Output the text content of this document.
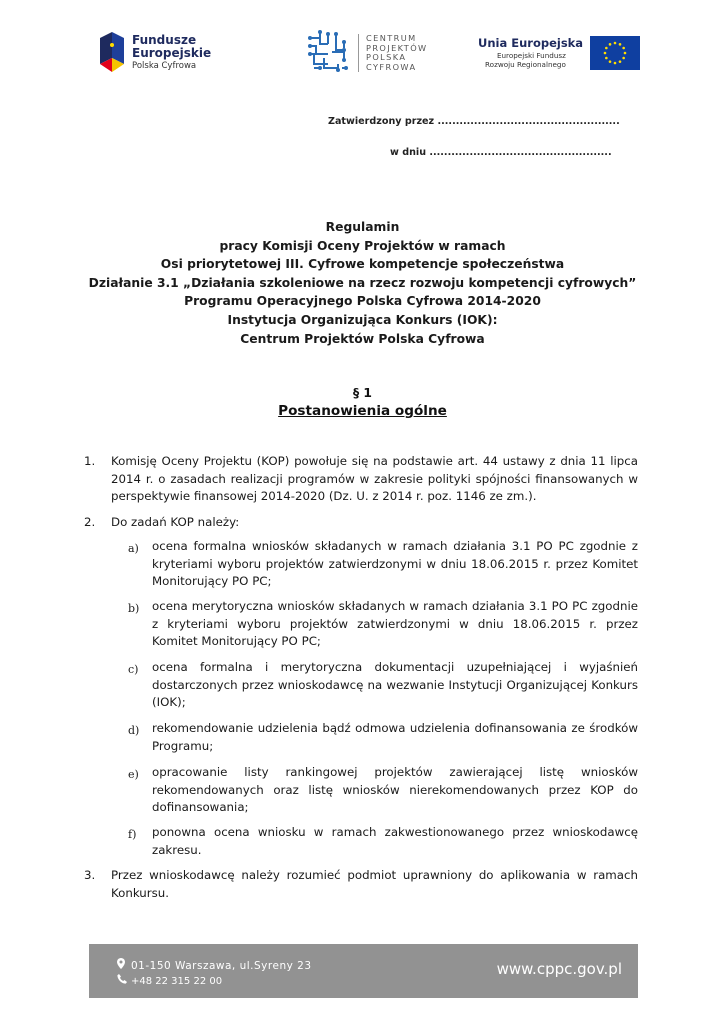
Fundusze
Europejskie
Polska Cyfrowa
CENTRUM
PROJEKTÓW
POLSKA
CYFROWA
Unia Europejska
Europejski Fundusz
Rozwoju Regionalnego
Zatwierdzony przez ..................................................
w dniu ..................................................
Regulamin
pracy Komisji Oceny Projektów w ramach
Osi priorytetowej III. Cyfrowe kompetencje społeczeństwa
Działanie 3.1 „Działania szkoleniowe na rzecz rozwoju kompetencji cyfrowych”
Programu Operacyjnego Polska Cyfrowa 2014-2020
Instytucja Organizująca Konkurs (IOK):
Centrum Projektów Polska Cyfrowa
§ 1
Postanowienia ogólne
1. Komisję Oceny Projektu (KOP) powołuje się na podstawie art. 44 ustawy z dnia 11 lipca 2014 r. o zasadach realizacji programów w zakresie polityki spójności finansowanych w perspektywie finansowej 2014-2020 (Dz. U. z 2014 r. poz. 1146 ze zm.).
2. Do zadań KOP należy:
a) ocena formalna wniosków składanych w ramach działania 3.1 PO PC zgodnie z kryteriami wyboru projektów zatwierdzonymi w dniu 18.06.2015 r. przez Komitet Monitorujący PO PC;
b) ocena merytoryczna wniosków składanych w ramach działania 3.1 PO PC zgodnie z kryteriami wyboru projektów zatwierdzonymi w dniu 18.06.2015 r. przez Komitet Monitorujący PO PC;
c) ocena formalna i merytoryczna dokumentacji uzupełniającej i wyjaśnień dostarczonych przez wnioskodawcę na wezwanie Instytucji Organizującej Konkurs (IOK);
d) rekomendowanie udzielenia bądź odmowa udzielenia dofinansowania ze środków Programu;
e) opracowanie listy rankingowej projektów zawierającej listę wniosków rekomendowanych oraz listę wniosków nierekomendowanych przez KOP do dofinansowania;
f) ponowna ocena wniosku w ramach zakwestionowanego przez wnioskodawcę zakresu.
3. Przez wnioskodawcę należy rozumieć podmiot uprawniony do aplikowania w ramach Konkursu.
01-150 Warszawa, ul.Syreny 23
+48 22 315 22 00
www.cppc.gov.pl
